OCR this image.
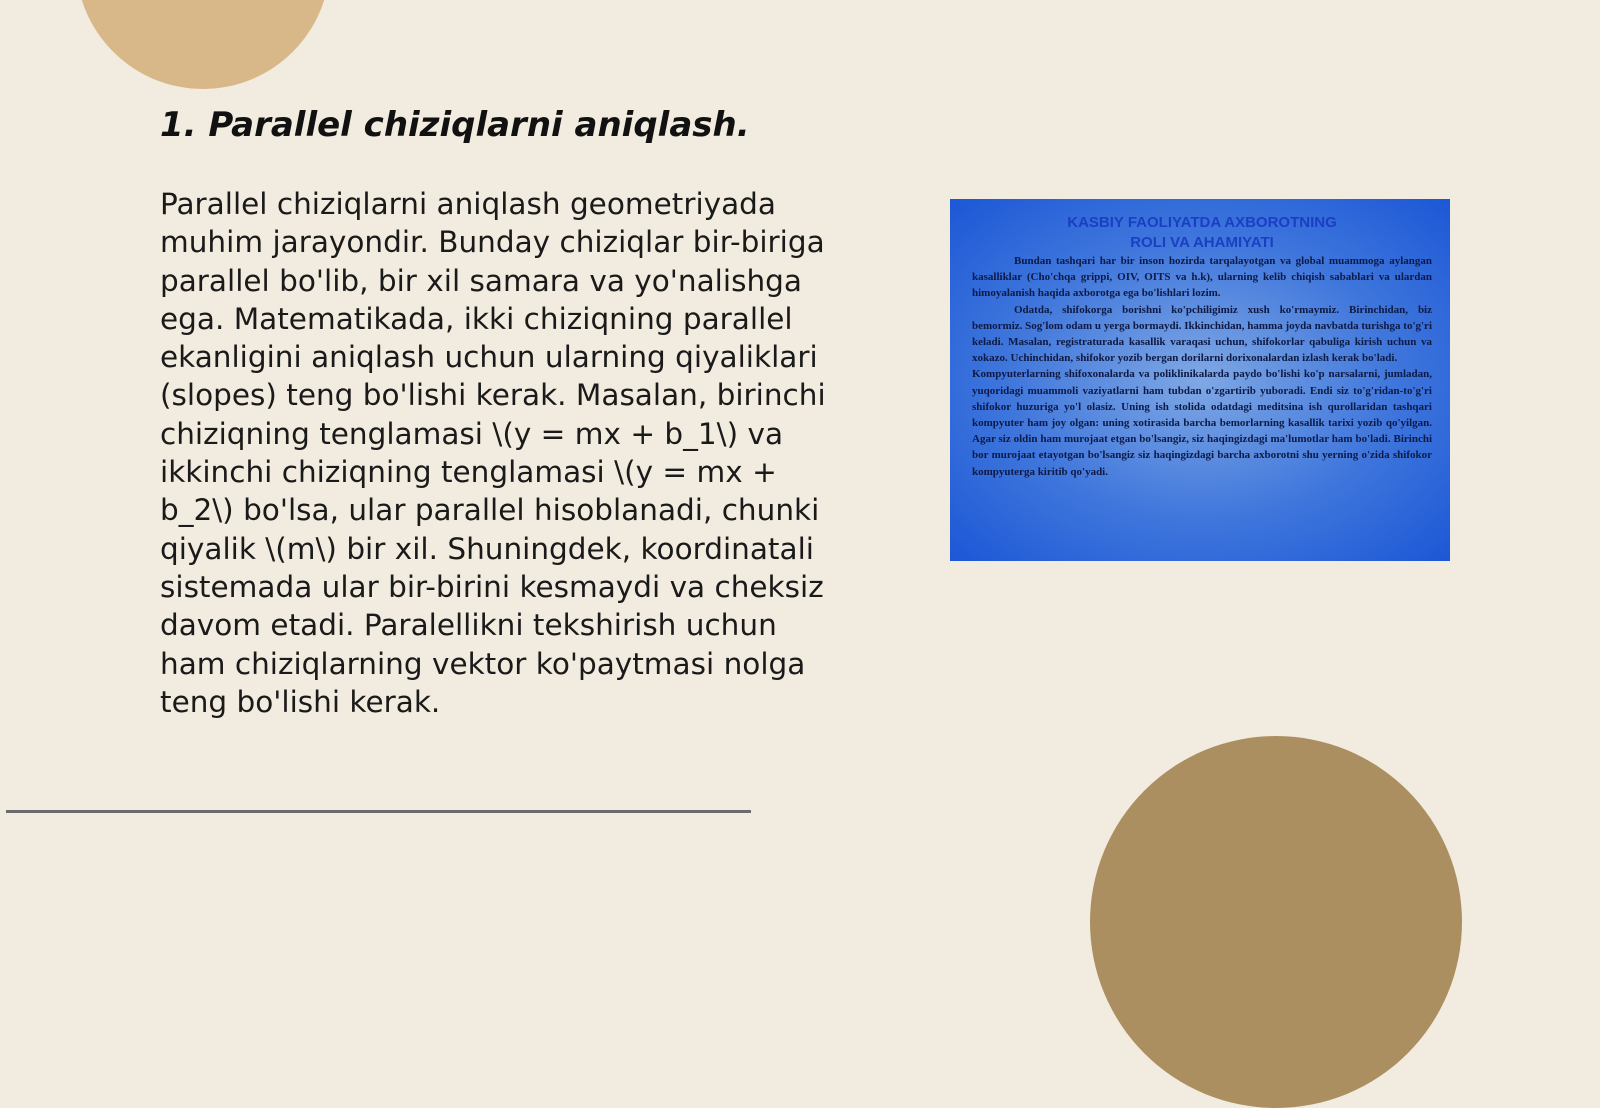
1. Parallel chiziqlarni aniqlash.

Parallel chiziqlarni aniqlash geometriyada muhim jarayondir. Bunday chiziqlar bir-biriga parallel bo'lib, bir xil samara va yo'nalishga ega. Matematikada, ikki chiziqning parallel ekanligini aniqlash uchun ularning qiyaliklari (slopes) teng bo'lishi kerak. Masalan, birinchi chiziqning tenglamasi \(y = mx + b_1\) va ikkinchi chiziqning tenglamasi \(y = mx + b_2\) bo'lsa, ular parallel hisoblanadi, chunki qiyalik \(m\) bir xil. Shuningdek, koordinatali sistemada ular bir-birini kesmaydi va cheksiz davom etadi. Paralellikni tekshirish uchun ham chiziqlarning vektor ko'paytmasi nolga teng bo'lishi kerak.

KASBIY FAOLIYATDA AXBOROTNING
ROLI VA AHAMIYATI

Bundan tashqari har bir inson hozirda tarqalayotgan va global muammoga aylangan kasalliklar (Cho'chqa grippi, OIV, OITS va h.k), ularning kelib chiqish sabablari va ulardan himoyalanish haqida axborotga ega bo'lishlari lozim.

Odatda, shifokorga borishni ko'pchiligimiz xush ko'rmaymiz. Birinchidan, biz bemormiz. Sog'lom odam u yerga bormaydi. Ikkinchidan, hamma joyda navbatda turishga to'g'ri keladi. Masalan, registraturada kasallik varaqasi uchun, shifokorlar qabuliga kirish uchun va xokazo. Uchinchidan, shifokor yozib bergan dorilarni dorixonalardan izlash kerak bo'ladi.

Kompyuterlarning shifoxonalarda va poliklinikalarda paydo bo'lishi ko'p narsalarni, jumladan, yuqoridagi muammoli vaziyatlarni ham tubdan o'zgartirib yuboradi. Endi siz to'g'ridan-to'g'ri shifokor huzuriga yo'l olasiz. Uning ish stolida odatdagi meditsina ish qurollaridan tashqari kompyuter ham joy olgan: uning xotirasida barcha bemorlarning kasallik tarixi yozib qo'yilgan. Agar siz oldin ham murojaat etgan bo'lsangiz, siz haqingizdagi ma'lumotlar ham bo'ladi. Birinchi bor murojaat etayotgan bo'lsangiz siz haqingizdagi barcha axborotni shu yerning o'zida shifokor kompyuterga kiritib qo'yadi.
